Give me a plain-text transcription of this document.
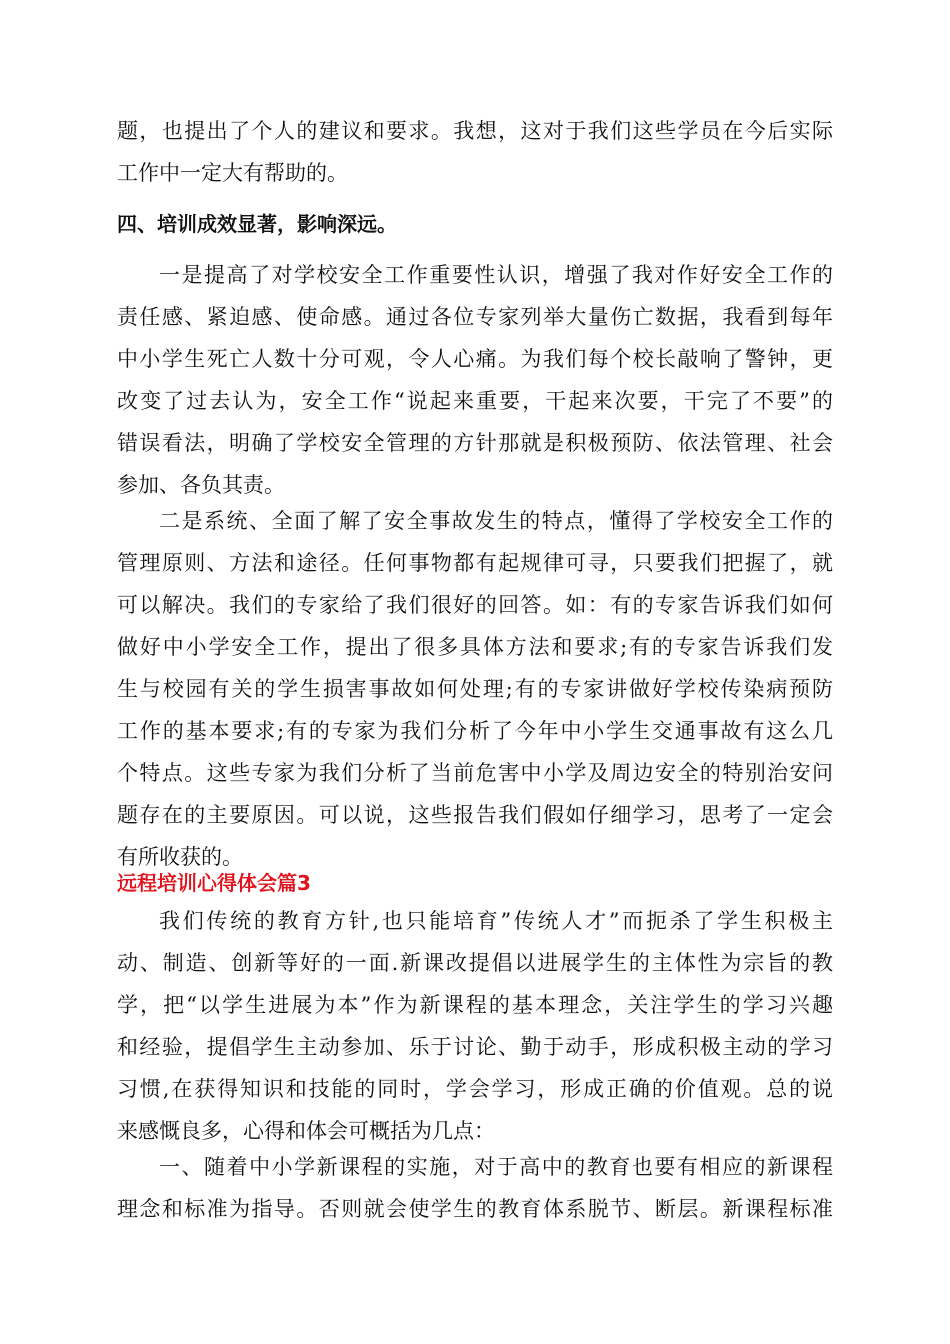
题，也提出了个人的建议和要求。我想，这对于我们这些学员在今后实际
工作中一定大有帮助的。

四、培训成效显著，影响深远。

一是提高了对学校安全工作重要性认识，增强了我对作好安全工作的
责任感、紧迫感、使命感。通过各位专家列举大量伤亡数据，我看到每年
中小学生死亡人数十分可观，令人心痛。为我们每个校长敲响了警钟，更
改变了过去认为，安全工作“说起来重要，干起来次要，干完了不要”的
错误看法，明确了学校安全管理的方针那就是积极预防、依法管理、社会
参加、各负其责。

二是系统、全面了解了安全事故发生的特点，懂得了学校安全工作的
管理原则、方法和途径。任何事物都有起规律可寻，只要我们把握了，就
可以解决。我们的专家给了我们很好的回答。如：有的专家告诉我们如何
做好中小学安全工作，提出了很多具体方法和要求;有的专家告诉我们发
生与校园有关的学生损害事故如何处理;有的专家讲做好学校传染病预防
工作的基本要求;有的专家为我们分析了今年中小学生交通事故有这么几
个特点。这些专家为我们分析了当前危害中小学及周边安全的特别治安问
题存在的主要原因。可以说，这些报告我们假如仔细学习，思考了一定会
有所收获的。

远程培训心得体会篇3

我们传统的教育方针,也只能培育”传统人才”而扼杀了学生积极主
动、制造、创新等好的一面.新课改提倡以进展学生的主体性为宗旨的教
学，把“以学生进展为本”作为新课程的基本理念，关注学生的学习兴趣
和经验，提倡学生主动参加、乐于讨论、勤于动手，形成积极主动的学习
习惯,在获得知识和技能的同时，学会学习，形成正确的价值观。总的说
来感慨良多，心得和体会可概括为几点：

一、随着中小学新课程的实施，对于高中的教育也要有相应的新课程
理念和标准为指导。否则就会使学生的教育体系脱节、断层。新课程标准
